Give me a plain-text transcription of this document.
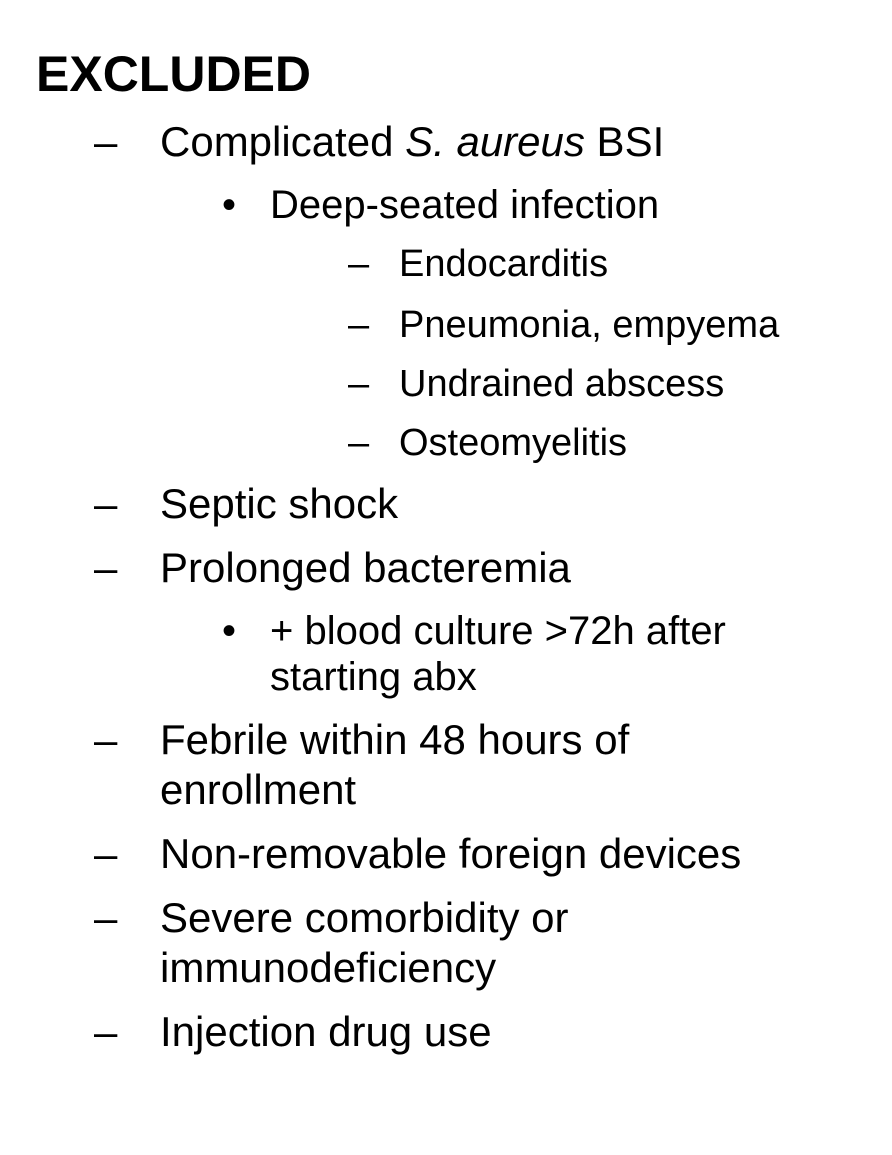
EXCLUDED
– Complicated S. aureus BSI
• Deep-seated infection
– Endocarditis
– Pneumonia, empyema
– Undrained abscess
– Osteomyelitis
– Septic shock
– Prolonged bacteremia
• + blood culture >72h after
starting abx
– Febrile within 48 hours of
enrollment
– Non-removable foreign devices
– Severe comorbidity or
immunodeficiency
– Injection drug use
